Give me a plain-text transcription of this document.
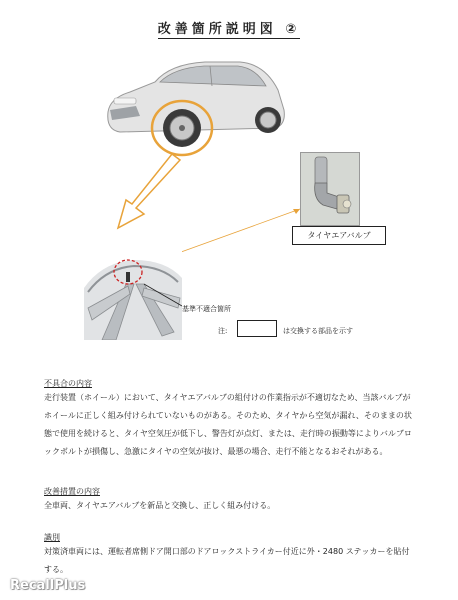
改善箇所説明図 ②
タイヤエアバルブ
基準不適合箇所
注:	は交換する部品を示す
不具合の内容

走行装置（ホイール）において、タイヤエアバルブの組付けの作業指示が不適切なため、当該バルブがホイールに正しく組み付けられていないものがある。そのため、タイヤから空気が漏れ、そのままの状態で使用を続けると、タイヤ空気圧が低下し、警告灯が点灯、または、走行時の振動等によりバルブロックボルトが損傷し、急激にタイヤの空気が抜け、最悪の場合、走行不能となるおそれがある。

改善措置の内容

全車両、タイヤエアバルブを新品と交換し、正しく組み付ける。

識別

対策済車両には、運転者席側ドア開口部のドアロックストライカー付近に外・2480 ステッカーを貼付する。

RecallPlus
